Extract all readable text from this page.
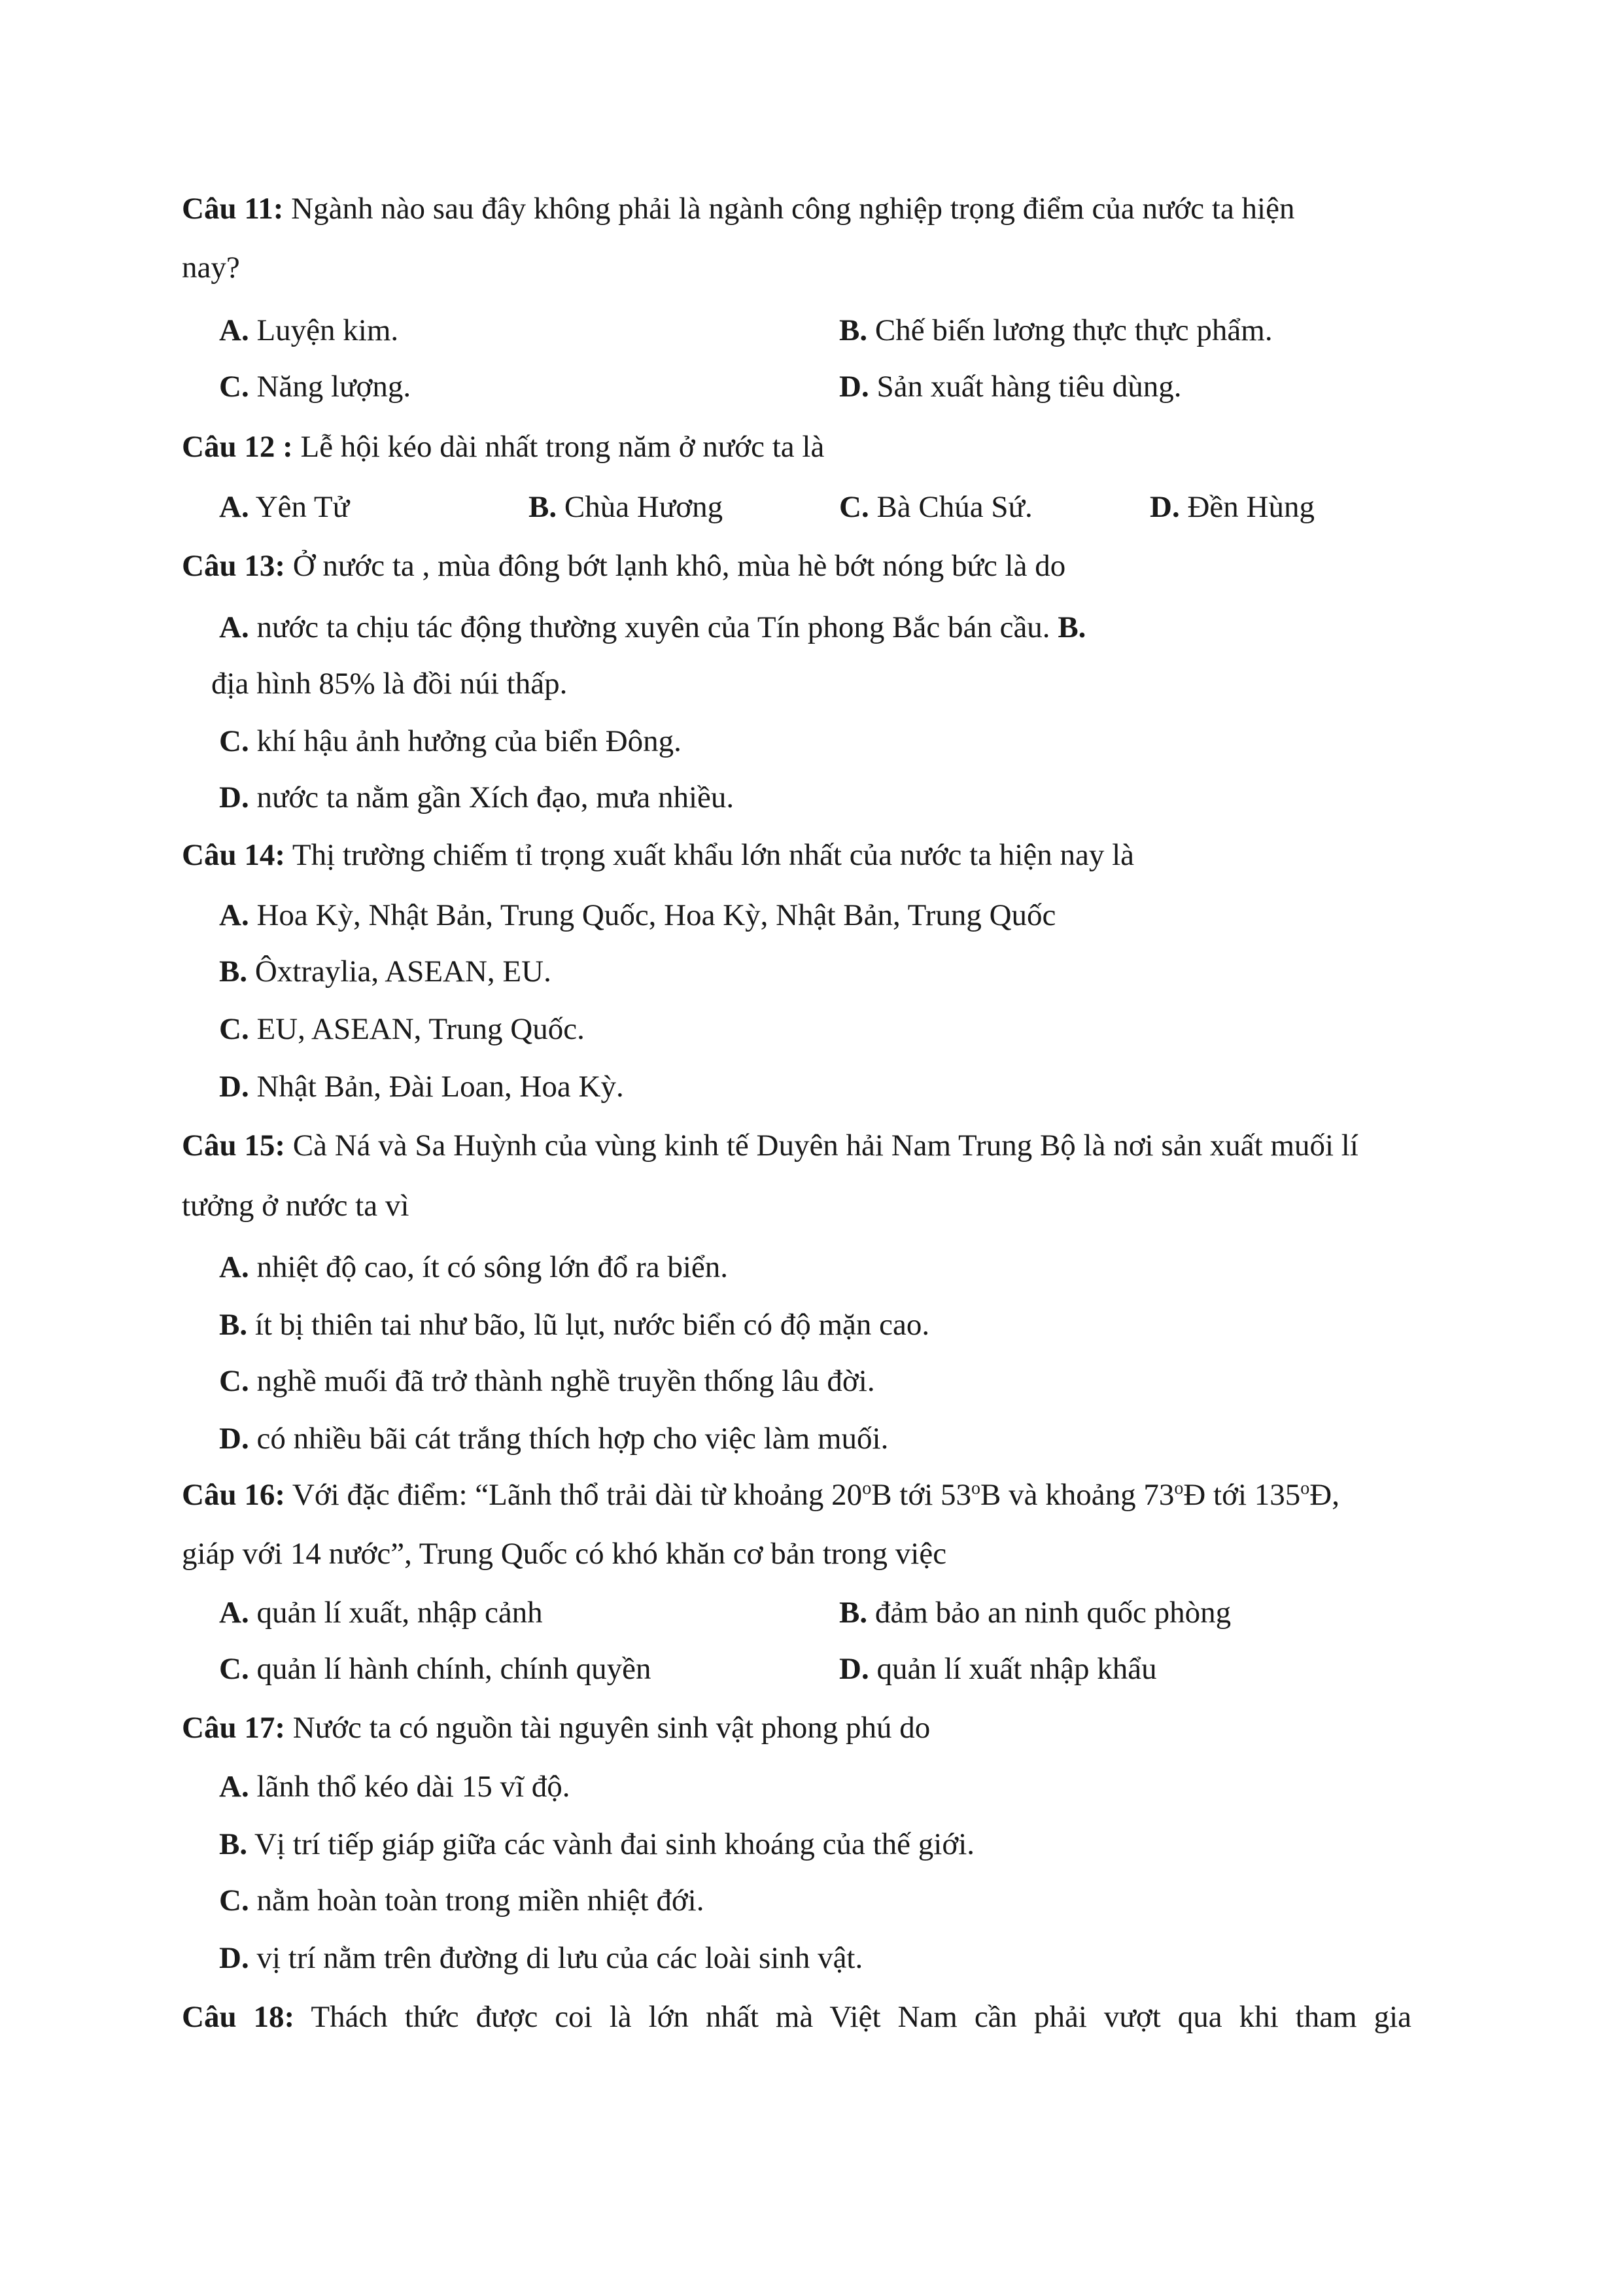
Câu 11: Ngành nào sau đây không phải là ngành công nghiệp trọng điểm của nước ta hiện
nay?
A. Luyện kim.	B. Chế biến lương thực thực phẩm.
C. Năng lượng.	D. Sản xuất hàng tiêu dùng.
Câu 12 : Lễ hội kéo dài nhất trong năm ở nước ta là
A. Yên Tử	B. Chùa Hương	C. Bà Chúa Sứ.	D. Đền Hùng
Câu 13: Ở nước ta , mùa đông bớt lạnh khô, mùa hè bớt nóng bức là do
A. nước ta chịu tác động thường xuyên của Tín phong Bắc bán cầu. B.
địa hình 85% là đồi núi thấp.
C. khí hậu ảnh hưởng của biển Đông.
D. nước ta nằm gần Xích đạo, mưa nhiều.
Câu 14: Thị trường chiếm tỉ trọng xuất khẩu lớn nhất của nước ta hiện nay là
A. Hoa Kỳ, Nhật Bản, Trung Quốc, Hoa Kỳ, Nhật Bản, Trung Quốc
B. Ôxtraylia, ASEAN, EU.
C. EU, ASEAN, Trung Quốc.
D. Nhật Bản, Đài Loan, Hoa Kỳ.
Câu 15: Cà Ná và Sa Huỳnh của vùng kinh tế Duyên hải Nam Trung Bộ là nơi sản xuất muối lí
tưởng ở nước ta vì
A. nhiệt độ cao, ít có sông lớn đổ ra biển.
B. ít bị thiên tai như bão, lũ lụt, nước biển có độ mặn cao.
C. nghề muối đã trở thành nghề truyền thống lâu đời.
D. có nhiều bãi cát trắng thích hợp cho việc làm muối.
Câu 16: Với đặc điểm: “Lãnh thổ trải dài từ khoảng 20$^o$B tới 53$^o$B và khoảng 73$^o$Đ tới 135$^o$Đ,
giáp với 14 nước”, Trung Quốc có khó khăn cơ bản trong việc
A. quản lí xuất, nhập cảnh	B. đảm bảo an ninh quốc phòng
C. quản lí hành chính, chính quyền	D. quản lí xuất nhập khẩu
Câu 17: Nước ta có nguồn tài nguyên sinh vật phong phú do
A. lãnh thổ kéo dài 15 vĩ độ.
B. Vị trí tiếp giáp giữa các vành đai sinh khoáng của thế giới.
C. nằm hoàn toàn trong miền nhiệt đới.
D. vị trí nằm trên đường di lưu của các loài sinh vật.
Câu 18: Thách thức được coi là lớn nhất mà Việt Nam cần phải vượt qua khi tham gia
